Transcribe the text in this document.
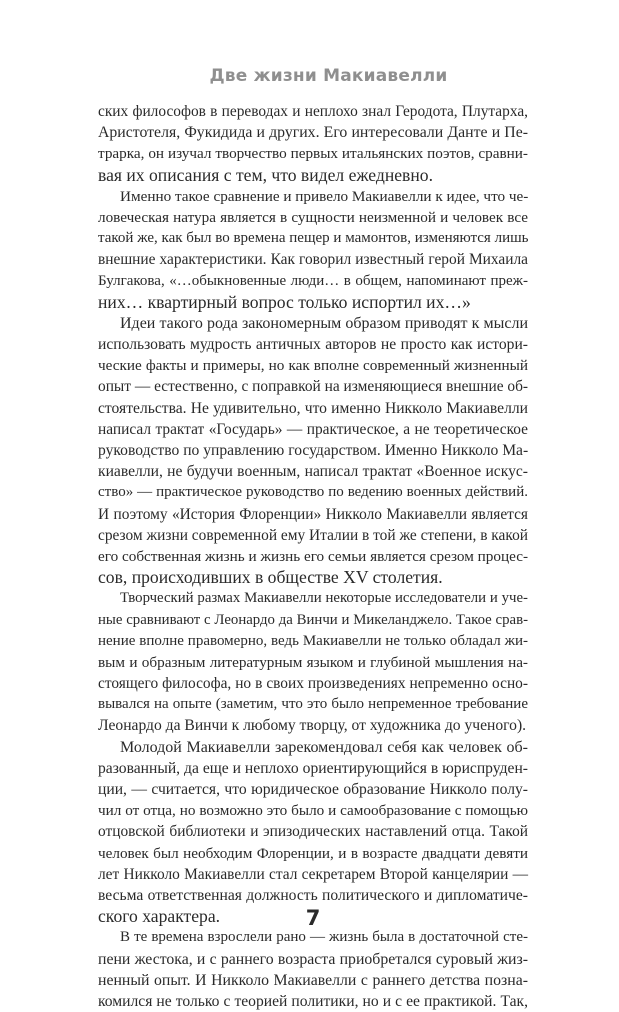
Две жизни Макиавелли
ских философов в переводах и неплохо знал Геродота, Плутарха,
Аристотеля, Фукидида и других. Его интересовали Данте и Пе-
трарка, он изучал творчество первых итальянских поэтов, сравни-
вая их описания с тем, что видел ежедневно.
Именно такое сравнение и привело Макиавелли к идее, что че-
ловеческая натура является в сущности неизменной и человек все
такой же, как был во времена пещер и мамонтов, изменяются лишь
внешние характеристики. Как говорил известный герой Михаила
Булгакова, «…обыкновенные люди… в общем, напоминают преж-
них… квартирный вопрос только испортил их…»
Идеи такого рода закономерным образом приводят к мысли
использовать мудрость античных авторов не просто как истори-
ческие факты и примеры, но как вполне современный жизненный
опыт — естественно, с поправкой на изменяющиеся внешние об-
стоятельства. Не удивительно, что именно Никколо Макиавелли
написал трактат «Государь» — практическое, а не теоретическое
руководство по управлению государством. Именно Никколо Ма-
киавелли, не будучи военным, написал трактат «Военное искус-
ство» — практическое руководство по ведению военных действий.
И поэтому «История Флоренции» Никколо Макиавелли является
срезом жизни современной ему Италии в той же степени, в какой
его собственная жизнь и жизнь его семьи является срезом процес-
сов, происходивших в обществе XV столетия.
Творческий размах Макиавелли некоторые исследователи и уче-
ные сравнивают с Леонардо да Винчи и Микеланджело. Такое срав-
нение вполне правомерно, ведь Макиавелли не только обладал жи-
вым и образным литературным языком и глубиной мышления на-
стоящего философа, но в своих произведениях непременно осно-
вывался на опыте (заметим, что это было непременное требование
Леонардо да Винчи к любому творцу, от художника до ученого).
Молодой Макиавелли зарекомендовал себя как человек об-
разованный, да еще и неплохо ориентирующийся в юриспруден-
ции, — считается, что юридическое образование Никколо полу-
чил от отца, но возможно это было и самообразование с помощью
отцовской библиотеки и эпизодических наставлений отца. Такой
человек был необходим Флоренции, и в возрасте двадцати девяти
лет Никколо Макиавелли стал секретарем Второй канцелярии —
весьма ответственная должность политического и дипломатиче-
ского характера.
В те времена взрослели рано — жизнь была в достаточной сте-
пени жестока, и с раннего возраста приобретался суровый жиз-
ненный опыт. И Никколо Макиавелли с раннего детства позна-
комился не только с теорией политики, но и с ее практикой. Так,
7
